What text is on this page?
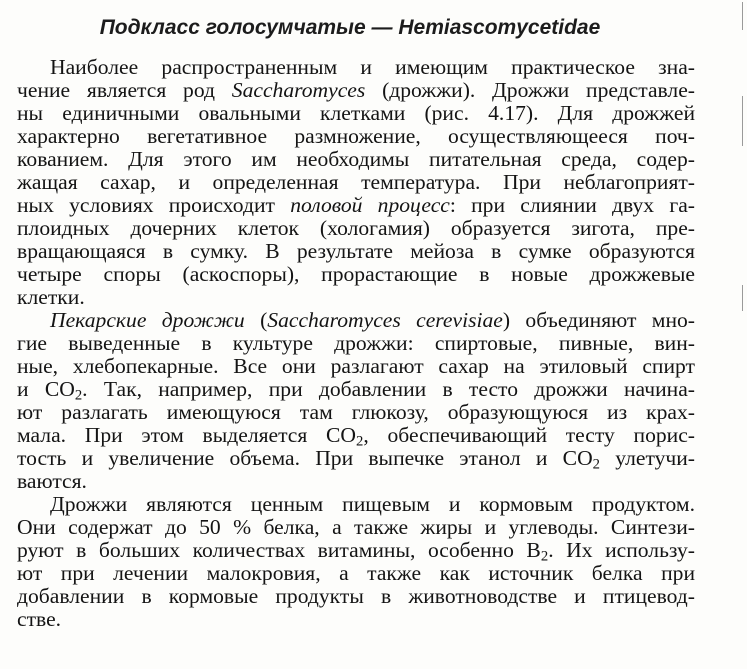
Подкласс голосумчатые — Hemiascomycetidae
Наиболее распространенным и имеющим практическое зна-
чение является род Saccharomyces (дрожжи). Дрожжи представле-
ны единичными овальными клетками (рис. 4.17). Для дрожжей
характерно вегетативное размножение, осуществляющееся поч-
кованием. Для этого им необходимы питательная среда, содер-
жащая сахар, и определенная температура. При неблагоприят-
ных условиях происходит половой процесс: при слиянии двух га-
плоидных дочерних клеток (хологамия) образуется зигота, пре-
вращающаяся в сумку. В результате мейоза в сумке образуются
четыре споры (аскоспоры), прорастающие в новые дрожжевые
клетки.
Пекарские дрожжи (Saccharomyces cerevisiae) объединяют мно-
гие выведенные в культуре дрожжи: спиртовые, пивные, вин-
ные, хлебопекарные. Все они разлагают сахар на этиловый спирт
и $CO_2$. Так, например, при добавлении в тесто дрожжи начина-
ют разлагать имеющуюся там глюкозу, образующуюся из крах-
мала. При этом выделяется $CO_2$, обеспечивающий тесту порис-
тость и увеличение объема. При выпечке этанол и $CO_2$ улетучи-
ваются.
Дрожжи являются ценным пищевым и кормовым продуктом.
Они содержат до 50 % белка, а также жиры и углеводы. Синтези-
руют в больших количествах витамины, особенно $B_2$. Их использу-
ют при лечении малокровия, а также как источник белка при
добавлении в кормовые продукты в животноводстве и птицевод-
стве.
